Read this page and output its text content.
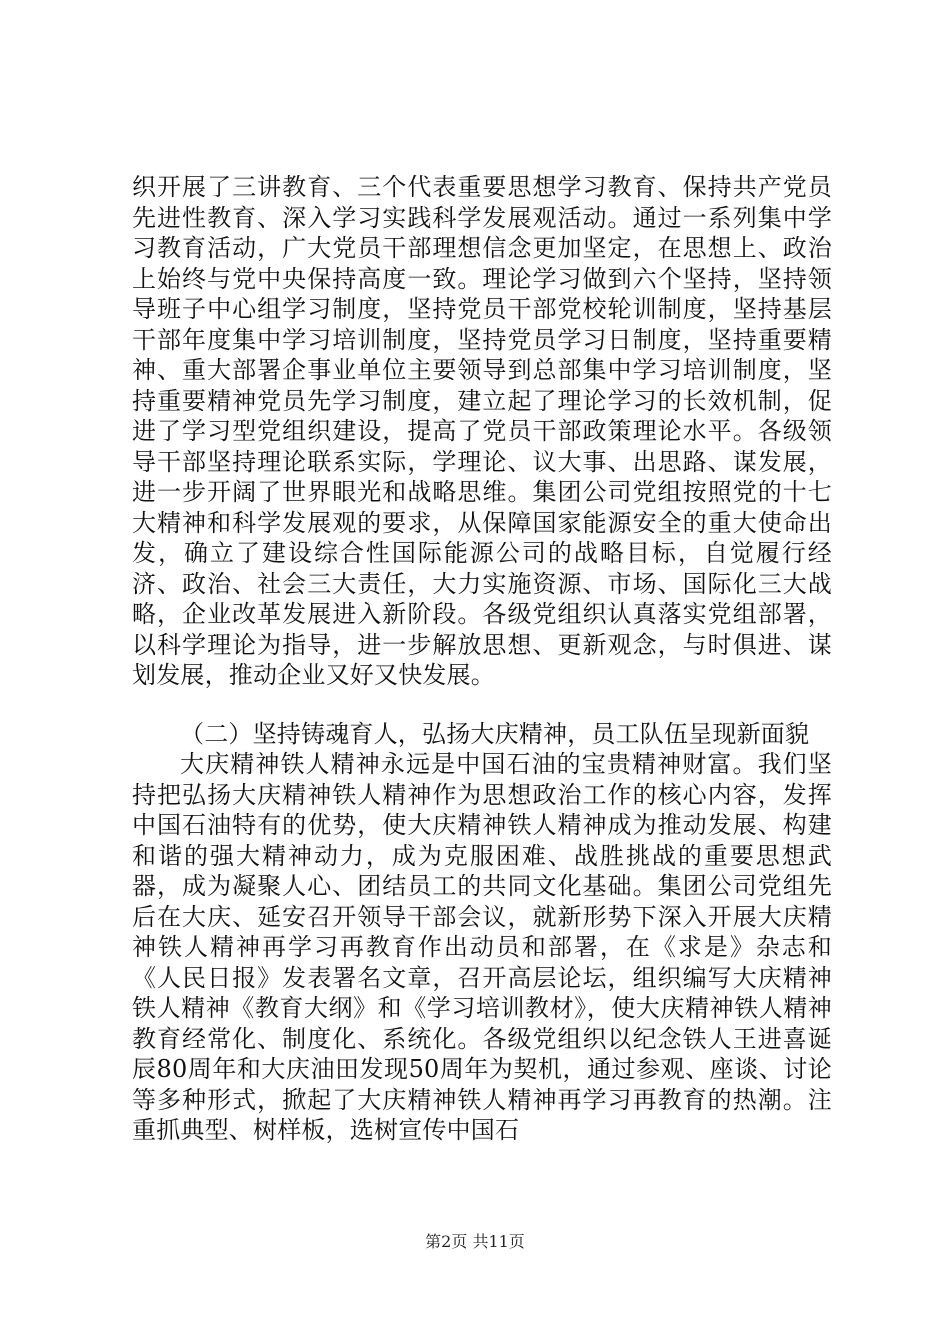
织开展了三讲教育、三个代表重要思想学习教育、保持共产党员先进性教育、深入学习实践科学发展观活动。通过一系列集中学习教育活动，广大党员干部理想信念更加坚定，在思想上、政治上始终与党中央保持高度一致。理论学习做到六个坚持，坚持领导班子中心组学习制度，坚持党员干部党校轮训制度，坚持基层干部年度集中学习培训制度，坚持党员学习日制度，坚持重要精神、重大部署企事业单位主要领导到总部集中学习培训制度，坚持重要精神党员先学习制度，建立起了理论学习的长效机制，促进了学习型党组织建设，提高了党员干部政策理论水平。各级领导干部坚持理论联系实际，学理论、议大事、出思路、谋发展，进一步开阔了世界眼光和战略思维。集团公司党组按照党的十七大精神和科学发展观的要求，从保障国家能源安全的重大使命出发，确立了建设综合性国际能源公司的战略目标，自觉履行经济、政治、社会三大责任，大力实施资源、市场、国际化三大战略，企业改革发展进入新阶段。各级党组织认真落实党组部署，以科学理论为指导，进一步解放思想、更新观念，与时俱进、谋划发展，推动企业又好又快发展。

（二）坚持铸魂育人，弘扬大庆精神，员工队伍呈现新面貌

大庆精神铁人精神永远是中国石油的宝贵精神财富。我们坚持把弘扬大庆精神铁人精神作为思想政治工作的核心内容，发挥中国石油特有的优势，使大庆精神铁人精神成为推动发展、构建和谐的强大精神动力，成为克服困难、战胜挑战的重要思想武器，成为凝聚人心、团结员工的共同文化基础。集团公司党组先后在大庆、延安召开领导干部会议，就新形势下深入开展大庆精神铁人精神再学习再教育作出动员和部署，在《求是》杂志和《人民日报》发表署名文章，召开高层论坛，组织编写大庆精神铁人精神《教育大纲》和《学习培训教材》，使大庆精神铁人精神教育经常化、制度化、系统化。各级党组织以纪念铁人王进喜诞辰80周年和大庆油田发现50周年为契机，通过参观、座谈、讨论等多种形式，掀起了大庆精神铁人精神再学习再教育的热潮。注重抓典型、树样板，选树宣传中国石

第2页 共11页
